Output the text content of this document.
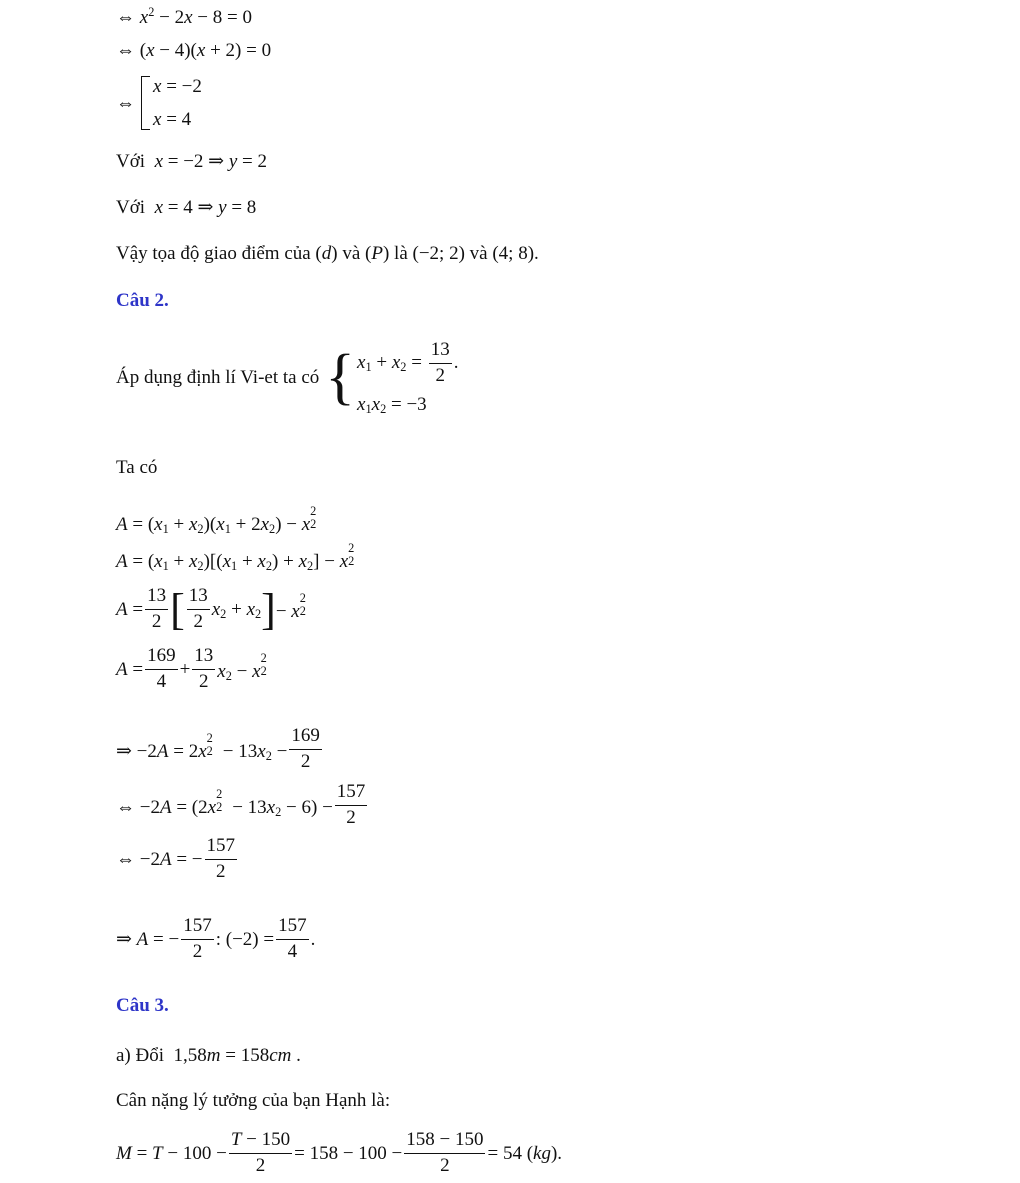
⇔ $x^2 - 2x - 8 = 0$
⇔ (x − 4)(x + 2) = 0
⇔
x = −2
x = 4
Với  x = −2 ⇒ y = 2
Với  x = 4 ⇒ y = 8
Vậy tọa độ giao điểm của (d) và (P) là (−2; 2) và (4; 8).
Câu 2.
Áp dụng định lí Vi-et ta có { $x_1 + x_2 = \frac{13}{2}$ .
$x_1x_2 = -3$
Ta có
$A = (x_1 + x_2)(x_1 + 2x_2) - x$
2
2
$A = (x_1 + x_2)[(x_1 + x_2) + x_2] - x$
2
2
$A = \frac{13}{2}$ [ $\frac{13}{2} x_2 + x_2$ ] − x
2
2
$A = \frac{169}{4} + \frac{13}{2} x_2 - x$
2
2
⇒ −2A = 2x
2
$2 - 13x_2 - \frac{169}{2}$
⇔ −2A = (2x
2
$2 - 13x_2 - 6) - \frac{157}{2}$
⇔ −2A = − $\frac{157}{2}$
⇒ A = − $\frac{157}{2}$ : $(-2) = \frac{157}{4}$ .
Câu 3.
a) Đổi  1,58m = 158cm .
Cân nặng lý tưởng của bạn Hạnh là:
$M = T - 100 - \frac{T - 150}{2} = 158 - 100 - \frac{158 - 150}{2} = 54$ (kg).
